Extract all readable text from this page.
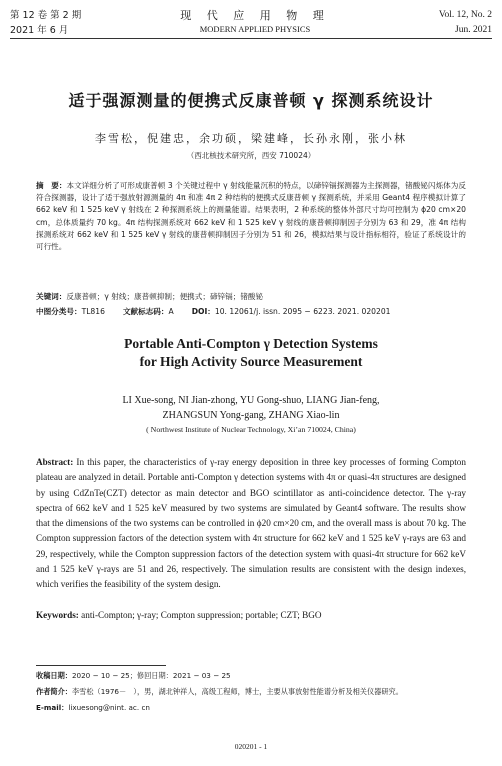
第 12 卷 第 2 期
2021 年 6 月
现 代 应 用 物 理
MODERN APPLIED PHYSICS
Vol. 12, No. 2
Jun. 2021
适于强源测量的便携式反康普顿 γ 探测系统设计
李雪松，倪建忠，余功硕，梁建峰，长孙永刚，张小林
（西北核技术研究所，西安 710024）
摘　要：本文详细分析了可形成康普顿 3 个关键过程中 γ 射线能量沉积的特点，以碲锌镉探测器为主探测器，锗酸铋闪烁体为反符合探测器，设计了适于强放射源测量的 4π 和准 4π 2 种结构的便携式反康普顿 γ 探测系统，并采用 Geant4 程序模拟计算了 662 keV 和 1 525 keV γ 射线在 2 种探测系统上的测量能谱。结果表明，2 种系统的整体外部尺寸均可控制为 ϕ20 cm×20 cm，总体质量约 70 kg。4π 结构探测系统对 662 keV 和 1 525 keV γ 射线的康普顿抑制因子分别为 63 和 29，准 4π 结构探测系统对 662 keV 和 1 525 keV γ 射线的康普顿抑制因子分别为 51 和 26，模拟结果与设计指标相符，验证了系统设计的可行性。
关键词：反康普顿；γ 射线；康普顿抑制；便携式；碲锌镉；锗酸铋
中图分类号：TL816 文献标志码：A DOI：10. 12061/j. issn. 2095 − 6223. 2021. 020201
Portable Anti-Compton γ Detection Systems
for High Activity Source Measurement
LI Xue-song, NI Jian-zhong, YU Gong-shuo, LIANG Jian-feng,
ZHANGSUN Yong-gang, ZHANG Xiao-lin
( Northwest Institute of Nuclear Technology, Xi’an 710024, China)
Abstract: In this paper, the characteristics of γ-ray energy deposition in three key processes of forming Compton plateau are analyzed in detail. Portable anti-Compton γ detection systems with 4π or quasi-4π structures are designed by using CdZnTe(CZT) detector as main detector and BGO scintillator as anti-coincidence detector. The γ-ray spectra of 662 keV and 1 525 keV measured by two systems are simulated by Geant4 software. The results show that the dimensions of the two systems can be controlled in ϕ20 cm×20 cm, and the overall mass is about 70 kg. The Compton suppression factors of the detection system with 4π structure for 662 keV and 1 525 keV γ-rays are 63 and 29, respectively, while the Compton suppression factors of the detection system with quasi-4π structure for 662 keV and 1 525 keV γ-rays are 51 and 26, respectively. The simulation results are consistent with the design indexes, which verifies the feasibility of the system design.
Keywords: anti-Compton; γ-ray; Compton suppression; portable; CZT; BGO
收稿日期：2020 − 10 − 25；修回日期：2021 − 03 − 25
作者简介：李雪松（1976－　），男，湖北钟祥人，高级工程师，博士，主要从事放射性能谱分析及相关仪器研究。
E-mail：lixuesong@nint. ac. cn
020201 - 1
